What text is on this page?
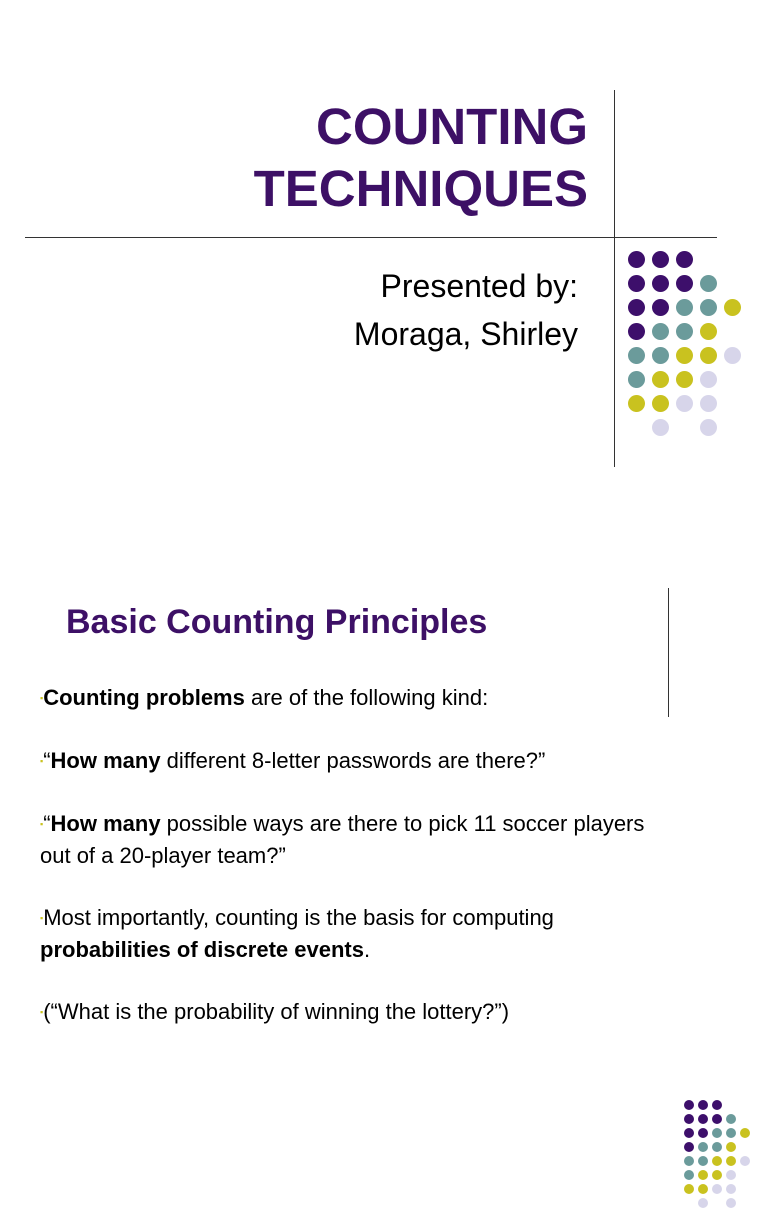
COUNTING
TECHNIQUES
Presented by:
Moraga, Shirley
Basic Counting Principles
▪Counting problems are of the following kind:
▪“How many different 8-letter passwords are there?”
▪“How many possible ways are there to pick 11 soccer players out of a 20-player team?”
▪Most importantly, counting is the basis for computing probabilities of discrete events.
▪(“What is the probability of winning the lottery?”)
